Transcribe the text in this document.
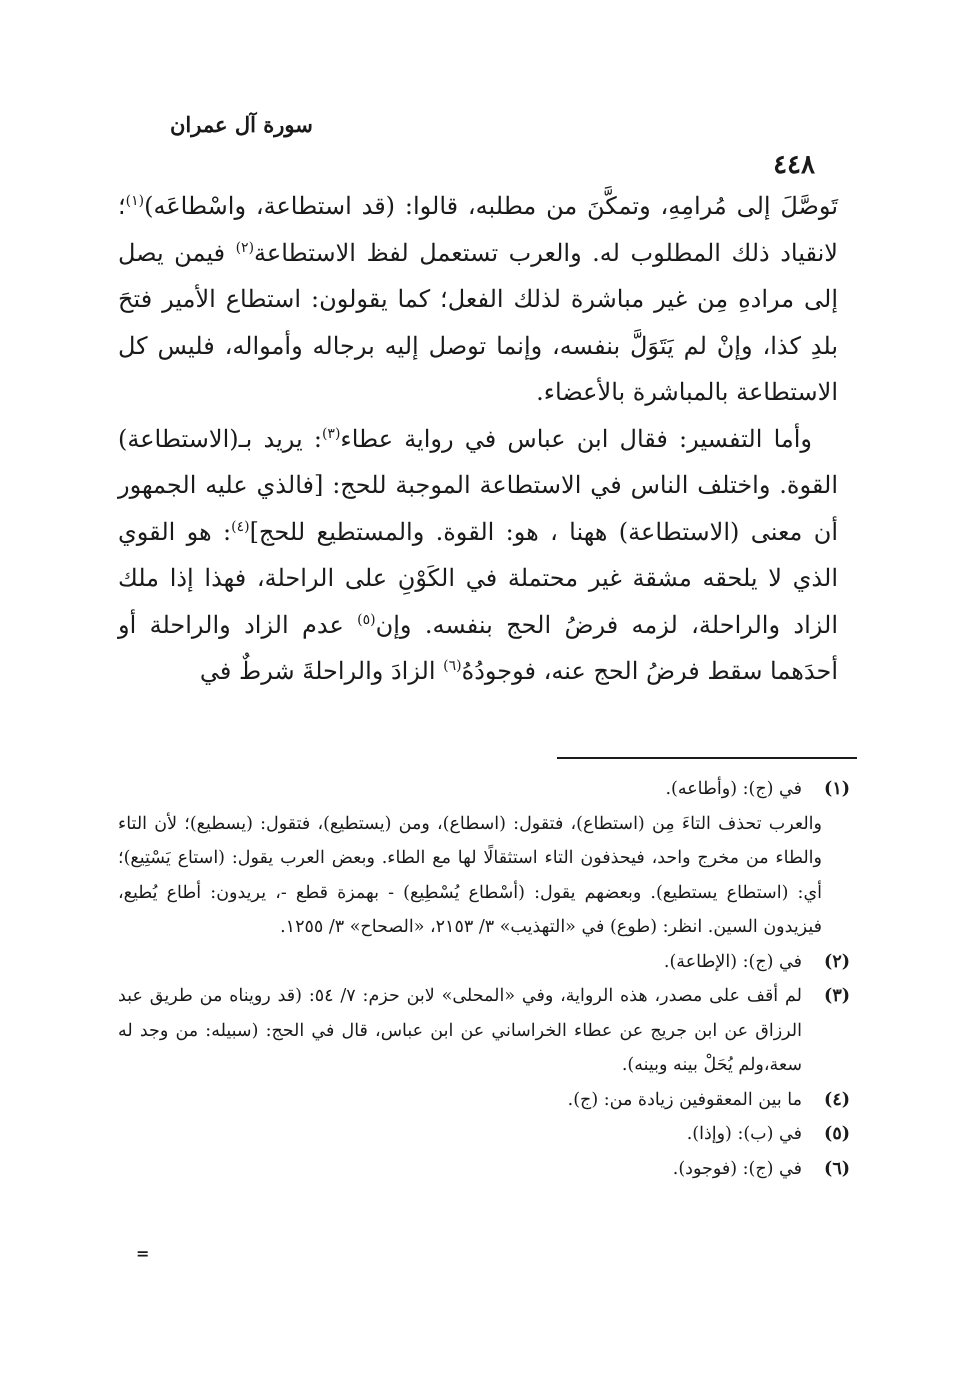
سورة آل عمران
٤٤٨

تَوصَّلَ إلى مُرامِهِ، وتمكَّنَ من مطلبه، قالوا: (قد استطاعة، واسْطاعَه)$^{(١)}$؛ لانقياد ذلك المطلوب له. والعرب تستعمل لفظ الاستطاعة$^{(٢)}$ فيمن يصل إلى مرادهِ مِن غير مباشرة لذلك الفعل؛ كما يقولون: استطاع الأمير فتحَ بلدِ كذا، وإنْ لم يَتَوَلَّ بنفسه، وإنما توصل إليه برجاله وأمواله، فليس كل الاستطاعة بالمباشرة بالأعضاء.

وأما التفسير: فقال ابن عباس في رواية عطاء$^{(٣)}$: يريد بـ(الاستطاعة) القوة. واختلف الناس في الاستطاعة الموجبة للحج: [فالذي عليه الجمهور أن معنى (الاستطاعة) ههنا ، هو: القوة. والمستطيع للحج]$^{(٤)}$: هو القوي الذي لا يلحقه مشقة غير محتملة في الكَوْنِ على الراحلة، فهذا إذا ملك الزاد والراحلة، لزمه فرضُ الحج بنفسه. وإن$^{(٥)}$ عدم الزاد والراحلة أو أحدَهما سقط فرضُ الحج عنه، فوجودُهُ$^{(٦)}$ الزادَ والراحلةَ شرطٌ في

(١)
في (ج): (وأطاعه).
والعرب تحذف التاءَ مِن (استطاع)، فتقول: (اسطاع)، ومن (يستطيع)، فتقول: (يسطيع)؛ لأن التاء والطاء من مخرج واحد، فيحذفون التاء استثقالًا لها مع الطاء. وبعض العرب يقول: (استاع يَسْتِيع)؛ أي: (استطاع يستطيع). وبعضهم يقول: (أسْطاع يُسْطِيع) - بهمزة قطع -، يريدون: أطاع يُطيع، فيزيدون السين. انظر: (طوع) في «التهذيب» ٣/ ٢١٥٣، «الصحاح» ٣/ ١٢٥٥.
(٢)
في (ج): (الإطاعة).
(٣)
لم أقف على مصدر، هذه الرواية، وفي «المحلى» لابن حزم: ٧/ ٥٤: (قد رويناه من طريق عبد الرزاق عن ابن جريج عن عطاء الخراساني عن ابن عباس، قال في الحج: (سبيله: من وجد له سعة،ولم يُحَلْ بينه وبينه).
(٤)
ما بين المعقوفين زيادة من: (ج).
(٥)
في (ب): (وإذا).
(٦)
في (ج): (فوجود).
=
